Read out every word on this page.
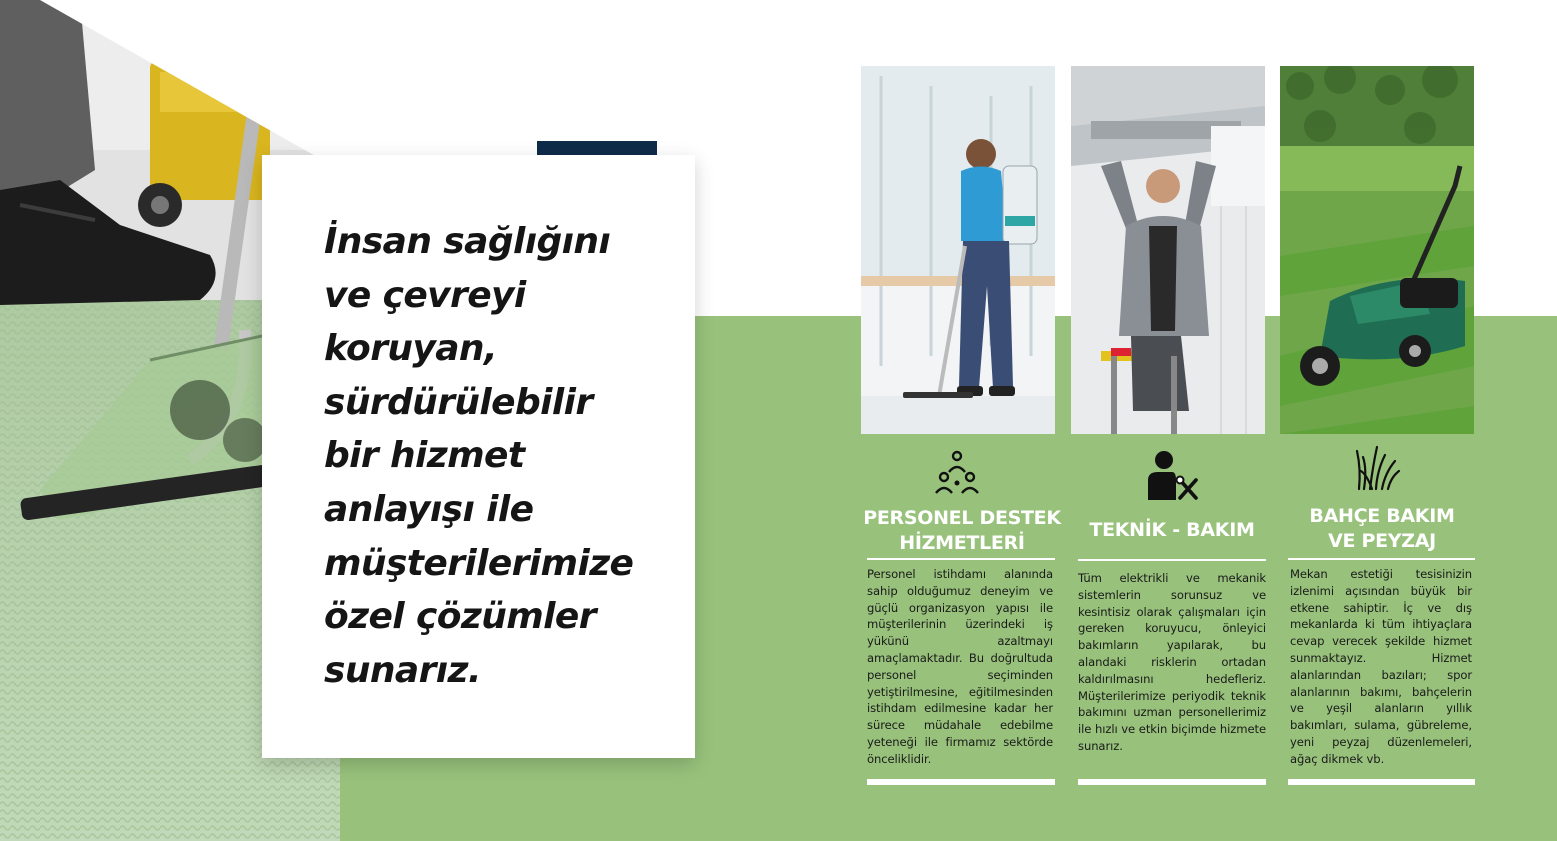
İnsan sağlığını
ve çevreyi
koruyan,
sürdürülebilir
bir hizmet
anlayışı ile
müşterilerimize
özel çözümler
sunarız.

PERSONEL DESTEK
HİZMETLERİ

Personel istihdamı alanında sahip olduğumuz deneyim ve güçlü organizasyon yapısı ile müşterilerinin üzerindeki iş yükünü azaltmayı amaçlamaktadır. Bu doğrultuda personel seçiminden yetiştirilmesine, eğitilmesinden istihdam edilmesine kadar her sürece müdahale edebilme yeteneği ile firmamız sektörde önceliklidir.

TEKNİK - BAKIM

Tüm elektrikli ve mekanik sistemlerin sorunsuz ve kesintisiz olarak çalışmaları için gereken koruyucu, önleyici bakımların yapılarak, bu alandaki risklerin ortadan kaldırılmasını hedefleriz. Müşterilerimize periyodik teknik bakımını uzman personellerimiz ile hızlı ve etkin biçimde hizmete sunarız.

BAHÇE BAKIM
VE PEYZAJ

Mekan estetiği tesisinizin izlenimi açısından büyük bir etkene sahiptir. İç ve dış mekanlarda ki tüm ihtiyaçlara cevap verecek şekilde hizmet sunmaktayız. Hizmet alanlarından bazıları; spor alanlarının bakımı, bahçelerin ve yeşil alanların yıllık bakımları, sulama, gübreleme, yeni peyzaj düzenlemeleri, ağaç dikmek vb.
